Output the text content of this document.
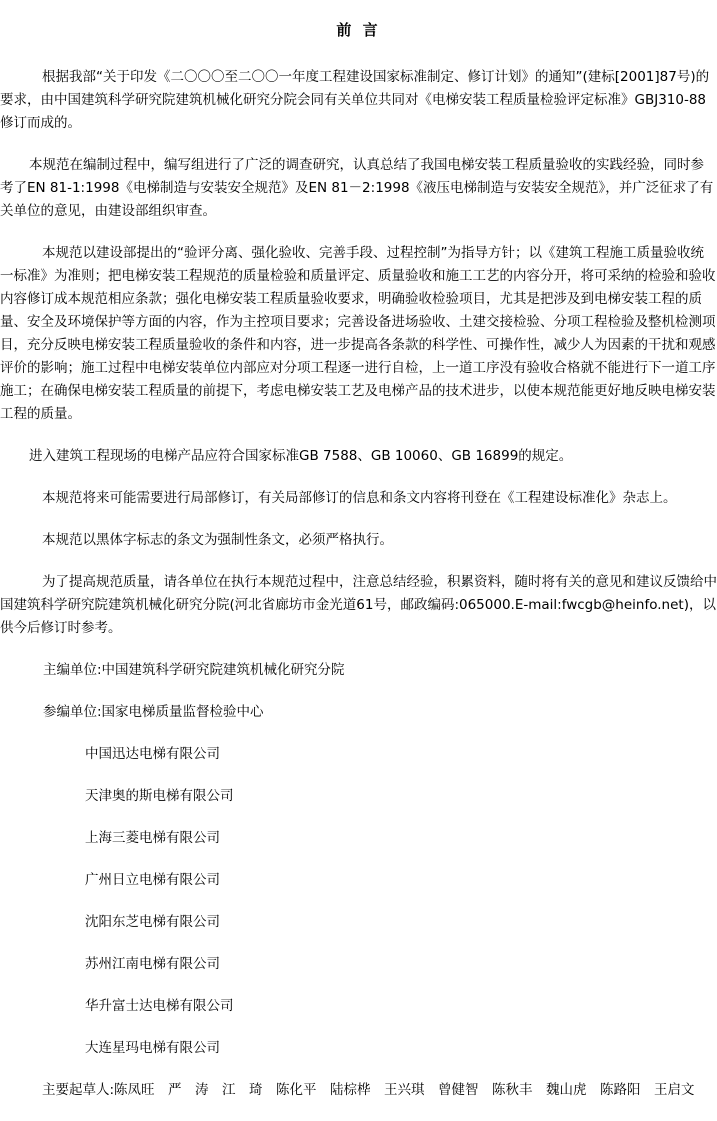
前 言

根据我部“关于印发《二〇〇〇至二〇〇一年度工程建设国家标准制定、修订计划》的通知”(建标[2001]87号)的要求，由中国建筑科学研究院建筑机械化研究分院会同有关单位共同对《电梯安装工程质量检验评定标准》GBJ310-88修订而成的。

本规范在编制过程中，编写组进行了广泛的调查研究，认真总结了我国电梯安装工程质量验收的实践经验，同时参考了EN 81-1:1998《电梯制造与安装安全规范》及EN 81－2:1998《液压电梯制造与安装安全规范》，并广泛征求了有关单位的意见，由建设部组织审查。

本规范以建设部提出的“验评分离、强化验收、完善手段、过程控制”为指导方针；以《建筑工程施工质量验收统一标准》为准则；把电梯安装工程规范的质量检验和质量评定、质量验收和施工工艺的内容分开，将可采纳的检验和验收内容修订成本规范相应条款；强化电梯安装工程质量验收要求，明确验收检验项目，尤其是把涉及到电梯安装工程的质量、安全及环境保护等方面的内容，作为主控项目要求；完善设备进场验收、土建交接检验、分项工程检验及整机检测项目，充分反映电梯安装工程质量验收的条件和内容，进一步提高各条款的科学性、可操作性，减少人为因素的干扰和观感评价的影响；施工过程中电梯安装单位内部应对分项工程逐一进行自检，上一道工序没有验收合格就不能进行下一道工序施工；在确保电梯安装工程质量的前提下，考虑电梯安装工艺及电梯产品的技术进步，以使本规范能更好地反映电梯安装工程的质量。

进入建筑工程现场的电梯产品应符合国家标准GB 7588、GB 10060、GB 16899的规定。

本规范将来可能需要进行局部修订，有关局部修订的信息和条文内容将刊登在《工程建设标准化》杂志上。

本规范以黑体字标志的条文为强制性条文，必须严格执行。

为了提高规范质量，请各单位在执行本规范过程中，注意总结经验，积累资料，随时将有关的意见和建议反馈给中国建筑科学研究院建筑机械化研究分院(河北省廊坊市金光道61号，邮政编码:065000.E-mail:fwcgb@heinfo.net)，以供今后修订时参考。

主编单位:中国建筑科学研究院建筑机械化研究分院

参编单位:国家电梯质量监督检验中心

中国迅达电梯有限公司

天津奥的斯电梯有限公司

上海三菱电梯有限公司

广州日立电梯有限公司

沈阳东芝电梯有限公司

苏州江南电梯有限公司

华升富士达电梯有限公司

大连星玛电梯有限公司

主要起草人:陈凤旺　严　涛　江　琦　陈化平　陆棕桦　王兴琪　曾健智　陈秋丰　魏山虎　陈路阳　王启文
